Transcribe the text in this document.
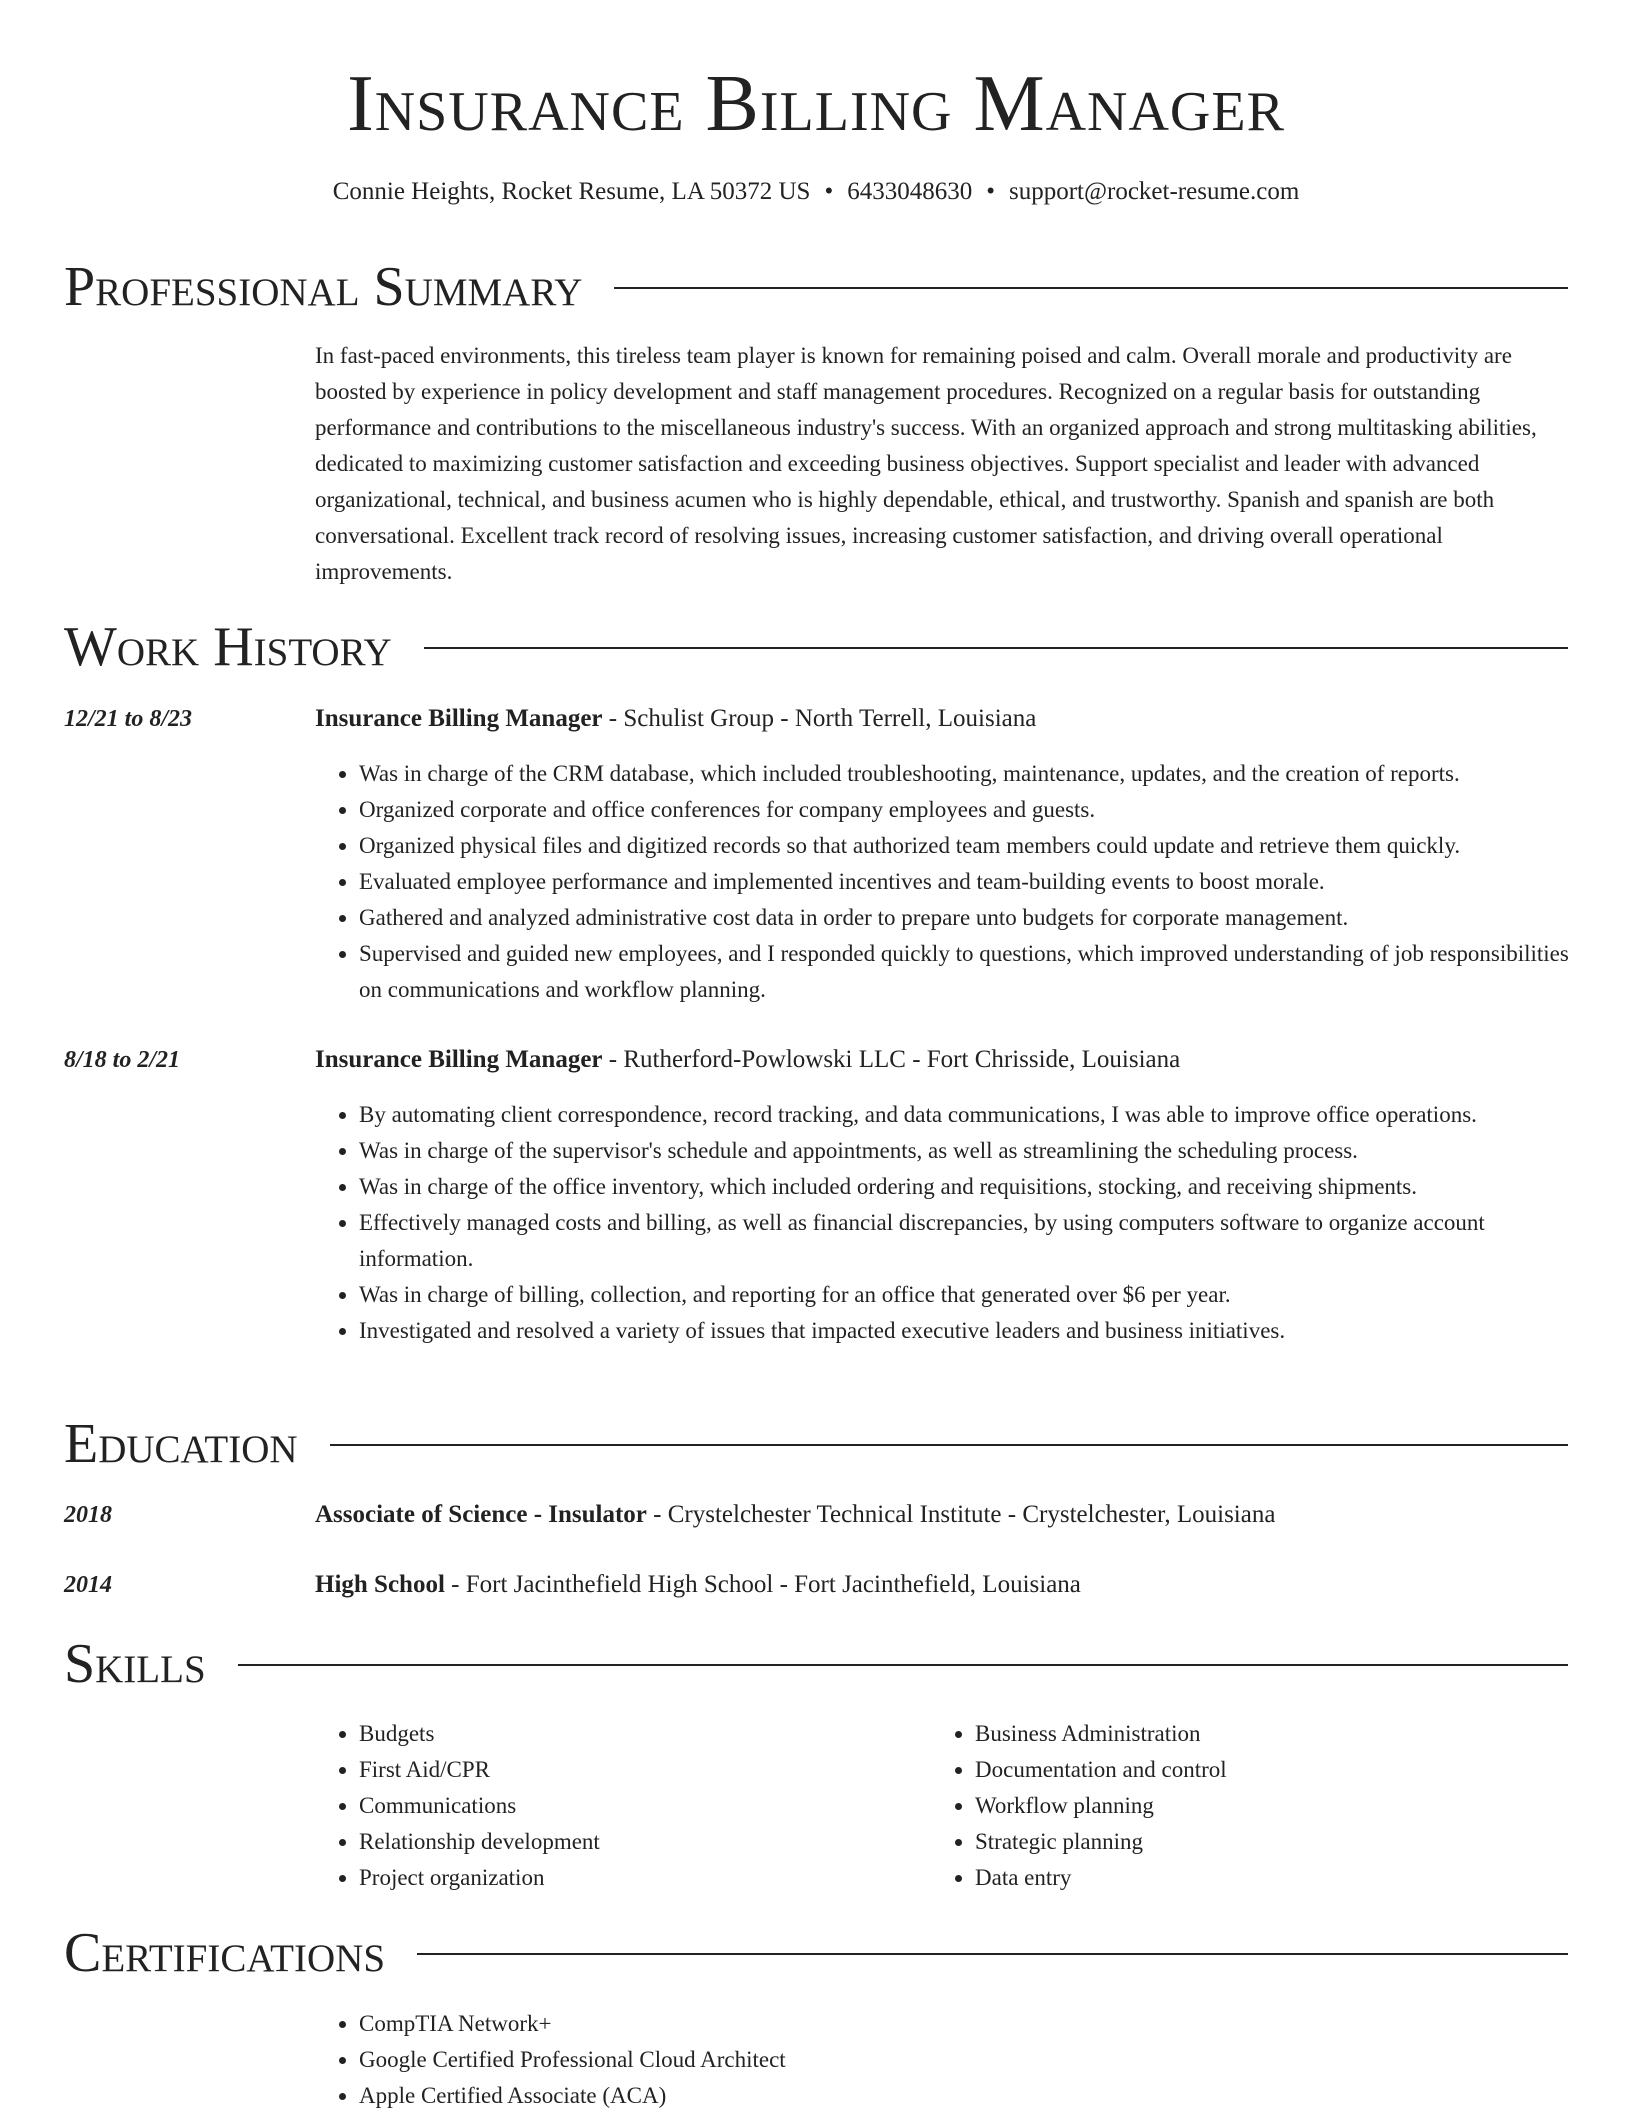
Insurance Billing Manager
Connie Heights, Rocket Resume, LA 50372 US • 6433048630 • support@rocket-resume.com
Professional Summary

In fast-paced environments, this tireless team player is known for remaining poised and calm. Overall morale and productivity are boosted by experience in policy development and staff management procedures. Recognized on a regular basis for outstanding performance and contributions to the miscellaneous industry's success. With an organized approach and strong multitasking abilities, dedicated to maximizing customer satisfaction and exceeding business objectives. Support specialist and leader with advanced organizational, technical, and business acumen who is highly dependable, ethical, and trustworthy. Spanish and spanish are both conversational. Excellent track record of resolving issues, increasing customer satisfaction, and driving overall operational improvements.

Work History
12/21 to 8/23	Insurance Billing Manager - Schulist Group - North Terrell, Louisiana
• Was in charge of the CRM database, which included troubleshooting, maintenance, updates, and the creation of reports.
• Organized corporate and office conferences for company employees and guests.
• Organized physical files and digitized records so that authorized team members could update and retrieve them quickly.
• Evaluated employee performance and implemented incentives and team-building events to boost morale.
• Gathered and analyzed administrative cost data in order to prepare unto budgets for corporate management.
• Supervised and guided new employees, and I responded quickly to questions, which improved understanding of job responsibilities on communications and workflow planning.
8/18 to 2/21	Insurance Billing Manager - Rutherford-Powlowski LLC - Fort Chrisside, Louisiana
• By automating client correspondence, record tracking, and data communications, I was able to improve office operations.
• Was in charge of the supervisor's schedule and appointments, as well as streamlining the scheduling process.
• Was in charge of the office inventory, which included ordering and requisitions, stocking, and receiving shipments.
• Effectively managed costs and billing, as well as financial discrepancies, by using computers software to organize account information.
• Was in charge of billing, collection, and reporting for an office that generated over $6 per year.
• Investigated and resolved a variety of issues that impacted executive leaders and business initiatives.
Education
2018	Associate of Science - Insulator - Crystelchester Technical Institute - Crystelchester, Louisiana
2014	High School - Fort Jacinthefield High School - Fort Jacinthefield, Louisiana
Skills
• Budgets
• First Aid/CPR
• Communications
• Relationship development
• Project organization
• Business Administration
• Documentation and control
• Workflow planning
• Strategic planning
• Data entry
Certifications
• CompTIA Network+
• Google Certified Professional Cloud Architect
• Apple Certified Associate (ACA)
